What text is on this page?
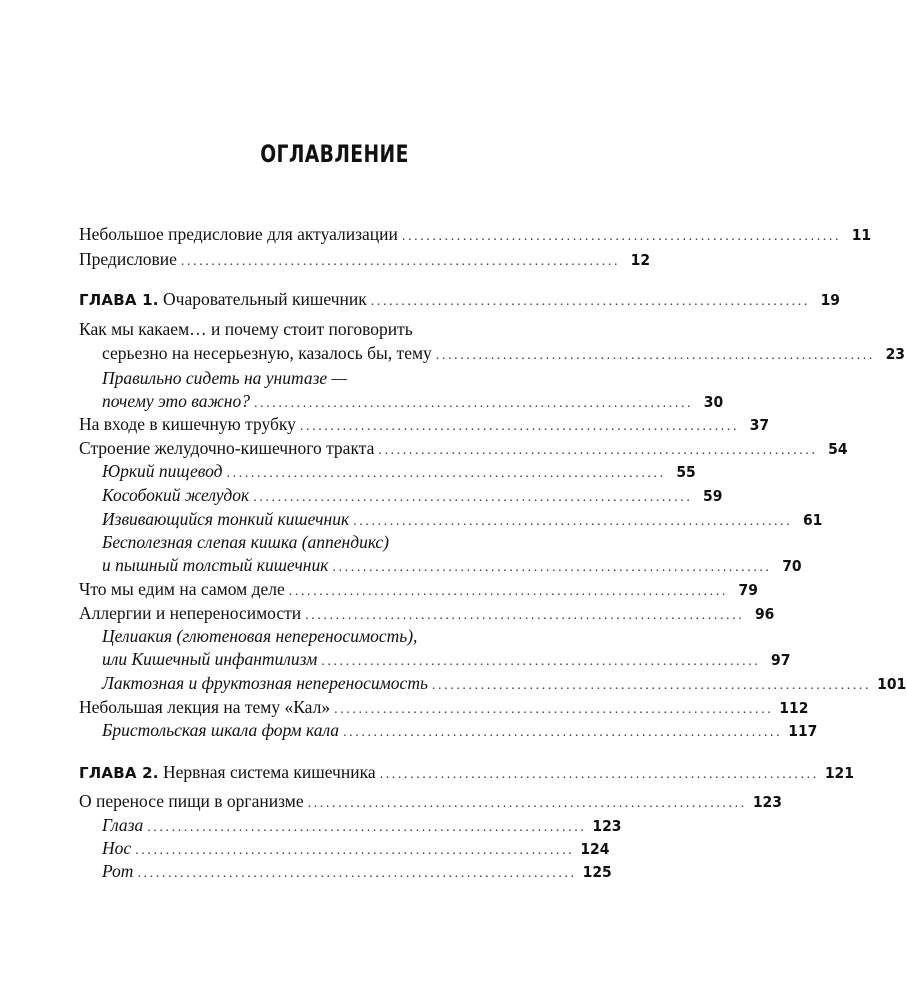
ОГЛАВЛЕНИЕ
Небольшое предисловие для актуализации ........................................................................ 11
Предисловие ........................................................................ 12
ГЛАВА 1. Очаровательный кишечник ........................................................................ 19
Как мы какаем… и почему стоит поговорить
серьезно на несерьезную, казалось бы, тему ........................................................................ 23
Правильно сидеть на унитазе —
почему это важно? ........................................................................ 30
На входе в кишечную трубку ........................................................................ 37
Строение желудочно-кишечного тракта ........................................................................ 54
Юркий пищевод ........................................................................ 55
Кособокий желудок ........................................................................ 59
Извивающийся тонкий кишечник ........................................................................ 61
Бесполезная слепая кишка (аппендикс)
и пышный толстый кишечник ........................................................................ 70
Что мы едим на самом деле ........................................................................ 79
Аллергии и непереносимости ........................................................................ 96
Целиакия (глютеновая непереносимость),
или Кишечный инфантилизм ........................................................................ 97
Лактозная и фруктозная непереносимость ........................................................................ 101
Небольшая лекция на тему «Кал» ........................................................................ 112
Бристольская шкала форм кала ........................................................................ 117
ГЛАВА 2. Нервная система кишечника ........................................................................ 121
О переносе пищи в организме ........................................................................ 123
Глаза ........................................................................ 123
Нос ........................................................................ 124
Рот ........................................................................ 125
